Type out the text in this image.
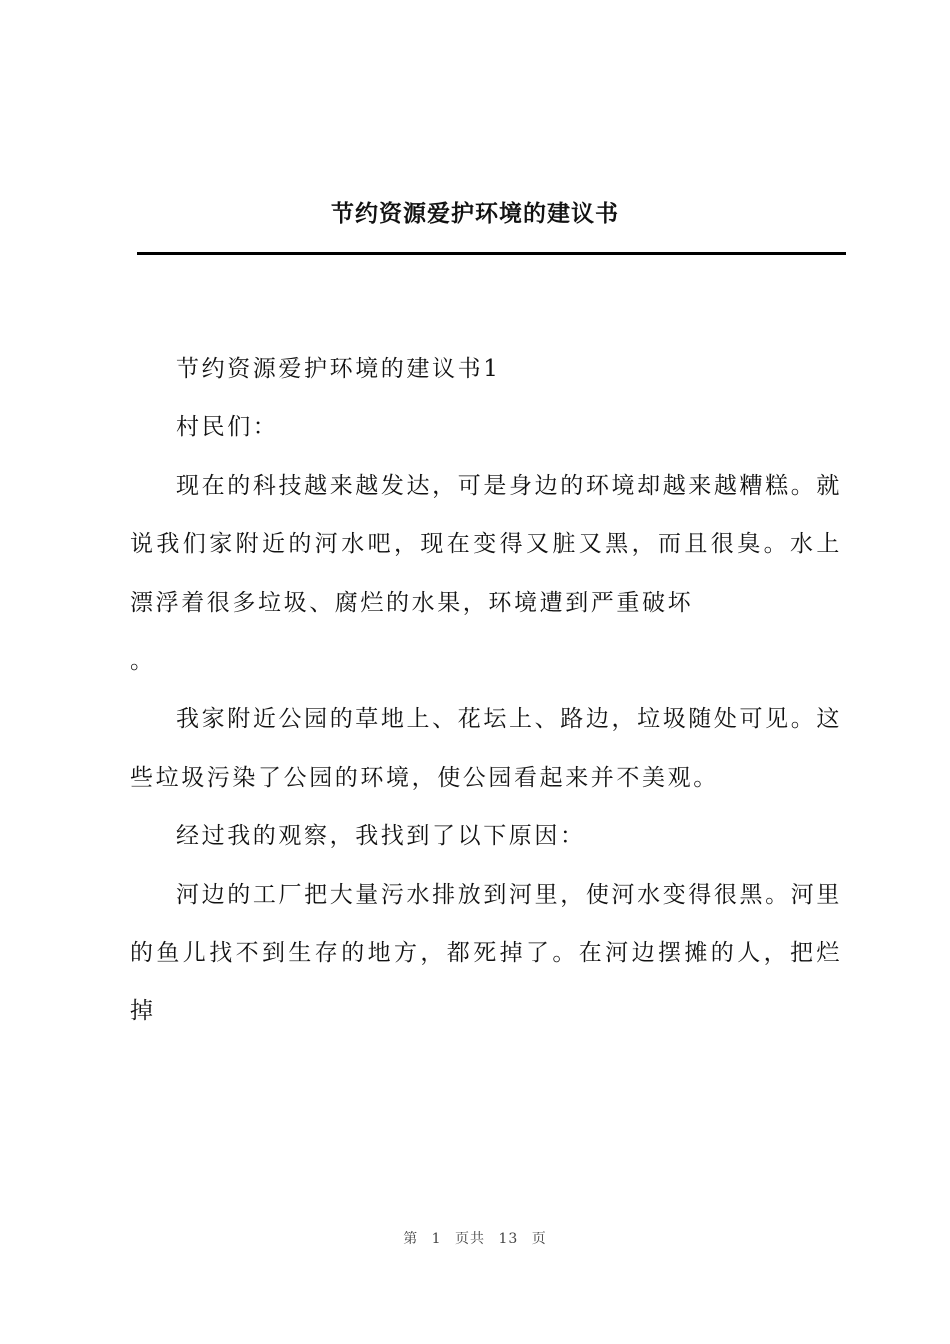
节约资源爱护环境的建议书

节约资源爱护环境的建议书1

村民们：

现在的科技越来越发达，可是身边的环境却越来越糟糕。就说我们家附近的河水吧，现在变得又脏又黑，而且很臭。水上漂浮着很多垃圾、腐烂的水果，环境遭到严重破坏

。

我家附近公园的草地上、花坛上、路边，垃圾随处可见。这些垃圾污染了公园的环境，使公园看起来并不美观。

经过我的观察，我找到了以下原因：

河边的工厂把大量污水排放到河里，使河水变得很黑。河里的鱼儿找不到生存的地方，都死掉了。在河边摆摊的人，把烂掉

第 1 页共 13 页
